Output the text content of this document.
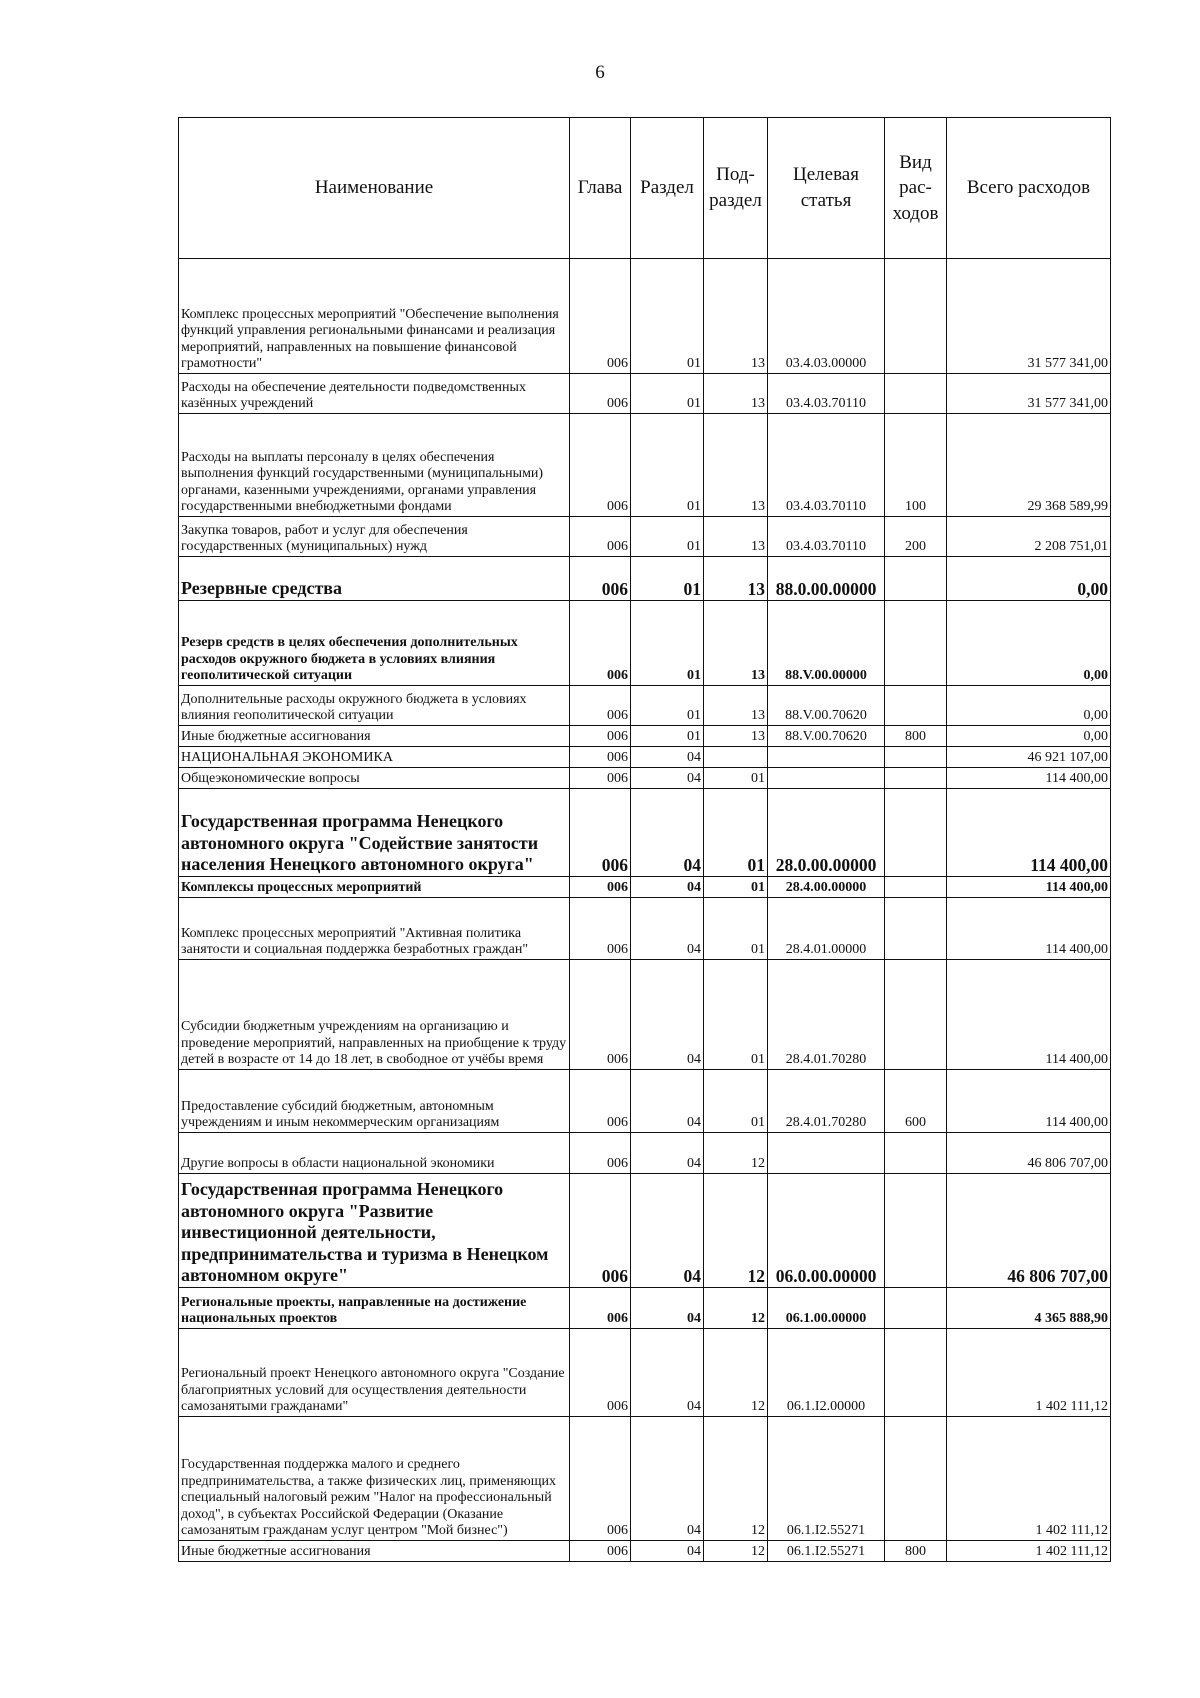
6
Наименование	Глава	Раздел	Под-раздел	Целевая статья	Вид рас-ходов	Всего расходов
Комплекс процессных мероприятий "Обеспечение выполнения функций управления региональными финансами и реализация мероприятий, направленных на повышение финансовой грамотности"	006	01	13	03.4.03.00000		31 577 341,00
Расходы на обеспечение деятельности подведомственных казённых учреждений	006	01	13	03.4.03.70110		31 577 341,00
Расходы на выплаты персоналу в целях обеспечения выполнения функций государственными (муниципальными) органами, казенными учреждениями, органами управления государственными внебюджетными фондами	006	01	13	03.4.03.70110	100	29 368 589,99
Закупка товаров, работ и услуг для обеспечения государственных (муниципальных) нужд	006	01	13	03.4.03.70110	200	2 208 751,01
Резервные средства	006	01	13	88.0.00.00000		0,00
Резерв средств в целях обеспечения дополнительных расходов окружного бюджета в условиях влияния геополитической ситуации	006	01	13	88.V.00.00000		0,00
Дополнительные расходы окружного бюджета в условиях влияния геополитической ситуации	006	01	13	88.V.00.70620		0,00
Иные бюджетные ассигнования	006	01	13	88.V.00.70620	800	0,00
НАЦИОНАЛЬНАЯ ЭКОНОМИКА	006	04				46 921 107,00
Общеэкономические вопросы	006	04	01			114 400,00
Государственная программа Ненецкого автономного округа "Содействие занятости населения Ненецкого автономного округа"	006	04	01	28.0.00.00000		114 400,00
Комплексы процессных мероприятий	006	04	01	28.4.00.00000		114 400,00
Комплекс процессных мероприятий "Активная политика занятости и социальная поддержка безработных граждан"	006	04	01	28.4.01.00000		114 400,00
Субсидии бюджетным учреждениям на организацию и проведение мероприятий, направленных на приобщение к труду детей в возрасте от 14 до 18 лет, в свободное от учёбы время	006	04	01	28.4.01.70280		114 400,00
Предоставление субсидий бюджетным, автономным учреждениям и иным некоммерческим организациям	006	04	01	28.4.01.70280	600	114 400,00
Другие вопросы в области национальной экономики	006	04	12			46 806 707,00
Государственная программа Ненецкого автономного округа "Развитие инвестиционной деятельности, предпринимательства и туризма в Ненецком автономном округе"	006	04	12	06.0.00.00000		46 806 707,00
Региональные проекты, направленные на достижение национальных проектов	006	04	12	06.1.00.00000		4 365 888,90
Региональный проект Ненецкого автономного округа "Создание благоприятных условий для осуществления деятельности самозанятыми гражданами"	006	04	12	06.1.I2.00000		1 402 111,12
Государственная поддержка малого и среднего предпринимательства, а также физических лиц, применяющих специальный налоговый режим "Налог на профессиональный доход", в субъектах Российской Федерации (Оказание самозанятым гражданам услуг центром "Мой бизнес")	006	04	12	06.1.I2.55271		1 402 111,12
Иные бюджетные ассигнования	006	04	12	06.1.I2.55271	800	1 402 111,12
